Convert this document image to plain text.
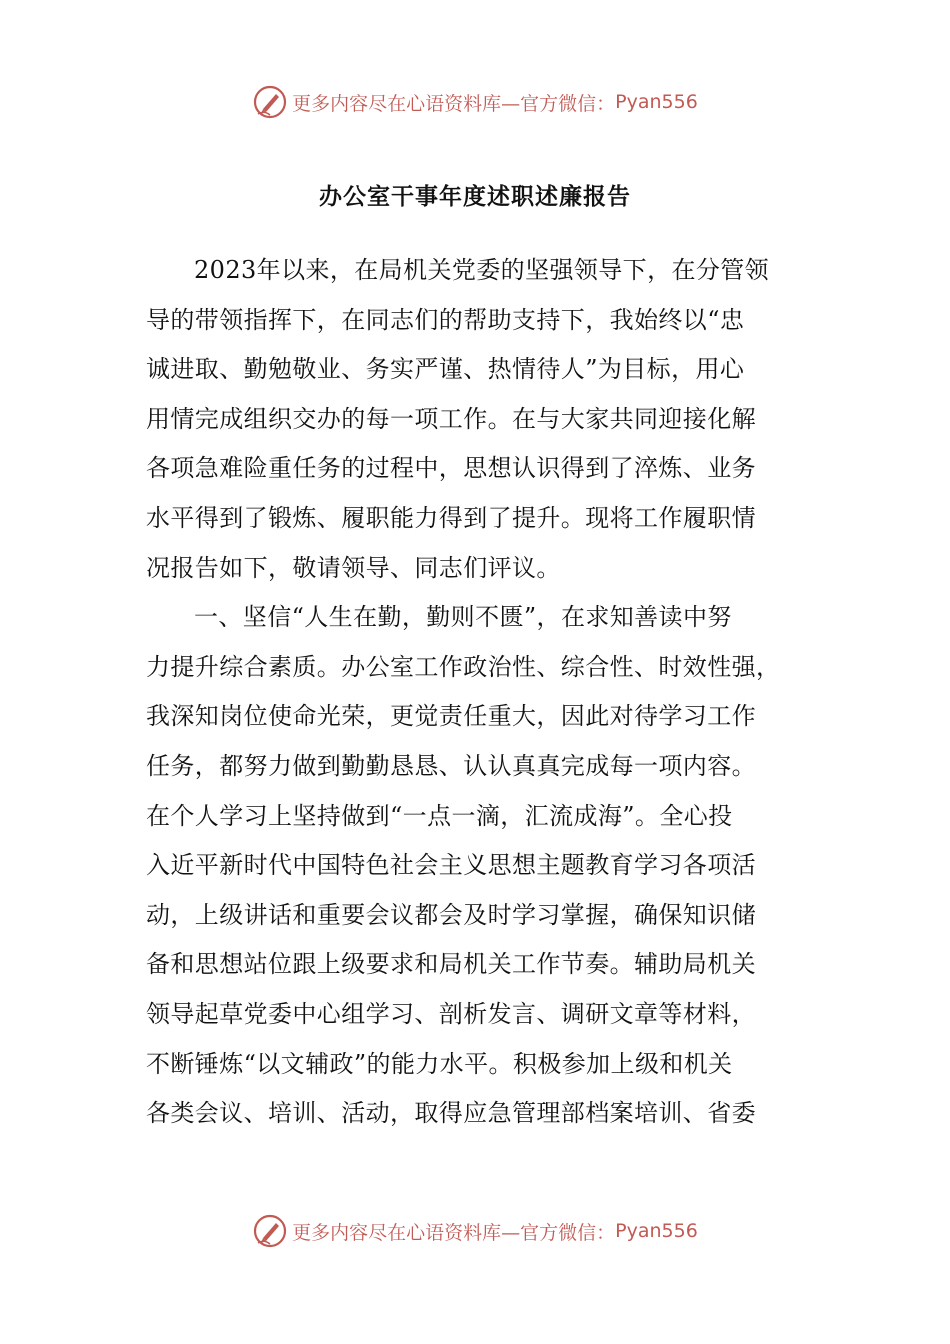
更多内容尽在心语资料库—官方微信： Pyan556
办公室干事年度述职述廉报告
2023年以来，在局机关党委的坚强领导下，在分管领
导的带领指挥下，在同志们的帮助支持下，我始终以“忠
诚进取、勤勉敬业、务实严谨、热情待人”为目标，用心
用情完成组织交办的每一项工作。在与大家共同迎接化解
各项急难险重任务的过程中，思想认识得到了淬炼、业务
水平得到了锻炼、履职能力得到了提升。现将工作履职情
况报告如下，敬请领导、同志们评议。
一、坚信“人生在勤，勤则不匮”，在求知善读中努
力提升综合素质。办公室工作政治性、综合性、时效性强，
我深知岗位使命光荣，更觉责任重大，因此对待学习工作
任务，都努力做到勤勤恳恳、认认真真完成每一项内容。
在个人学习上坚持做到“一点一滴，汇流成海”。全心投
入近平新时代中国特色社会主义思想主题教育学习各项活
动，上级讲话和重要会议都会及时学习掌握，确保知识储
备和思想站位跟上级要求和局机关工作节奏。辅助局机关
领导起草党委中心组学习、剖析发言、调研文章等材料，
不断锤炼“以文辅政”的能力水平。积极参加上级和机关
各类会议、培训、活动，取得应急管理部档案培训、省委
更多内容尽在心语资料库—官方微信： Pyan556
